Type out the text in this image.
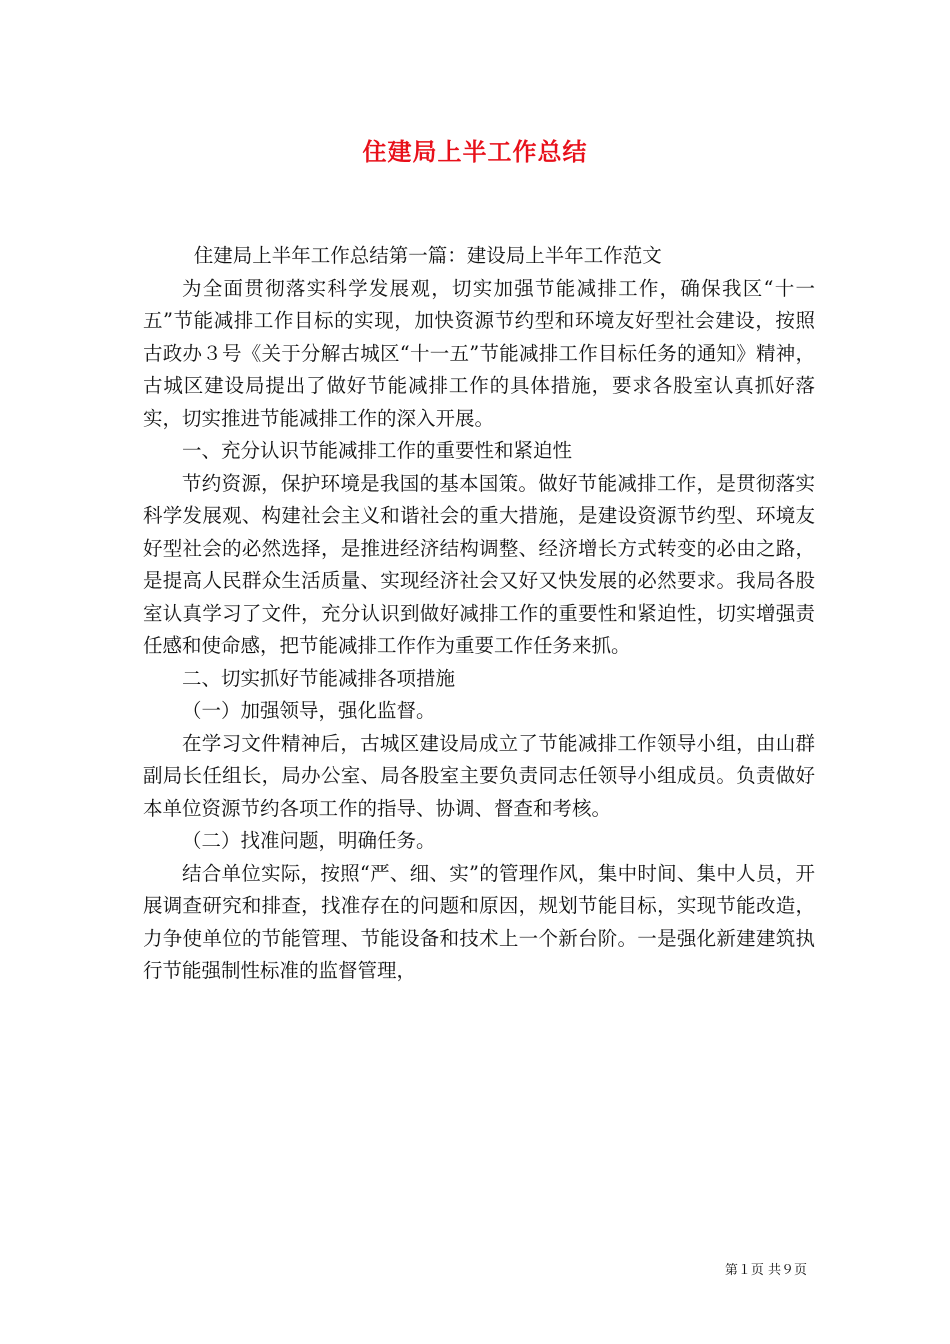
住建局上半工作总结

住建局上半年工作总结第一篇：建设局上半年工作范文

为全面贯彻落实科学发展观，切实加强节能减排工作，确保我区“十一五”节能减排工作目标的实现，加快资源节约型和环境友好型社会建设，按照古政办３号《关于分解古城区“十一五”节能减排工作目标任务的通知》精神，古城区建设局提出了做好节能减排工作的具体措施，要求各股室认真抓好落实，切实推进节能减排工作的深入开展。

一、充分认识节能减排工作的重要性和紧迫性

节约资源，保护环境是我国的基本国策。做好节能减排工作，是贯彻落实科学发展观、构建社会主义和谐社会的重大措施，是建设资源节约型、环境友好型社会的必然选择，是推进经济结构调整、经济增长方式转变的必由之路，是提高人民群众生活质量、实现经济社会又好又快发展的必然要求。我局各股室认真学习了文件，充分认识到做好减排工作的重要性和紧迫性，切实增强责任感和使命感，把节能减排工作作为重要工作任务来抓。

二、切实抓好节能减排各项措施

（一）加强领导，强化监督。

在学习文件精神后，古城区建设局成立了节能减排工作领导小组，由山群副局长任组长，局办公室、局各股室主要负责同志任领导小组成员。负责做好本单位资源节约各项工作的指导、协调、督查和考核。

（二）找准问题，明确任务。

结合单位实际，按照“严、细、实”的管理作风，集中时间、集中人员，开展调查研究和排查，找准存在的问题和原因，规划节能目标，实现节能改造，力争使单位的节能管理、节能设备和技术上一个新台阶。一是强化新建建筑执行节能强制性标准的监督管理，

第１页 共９页
